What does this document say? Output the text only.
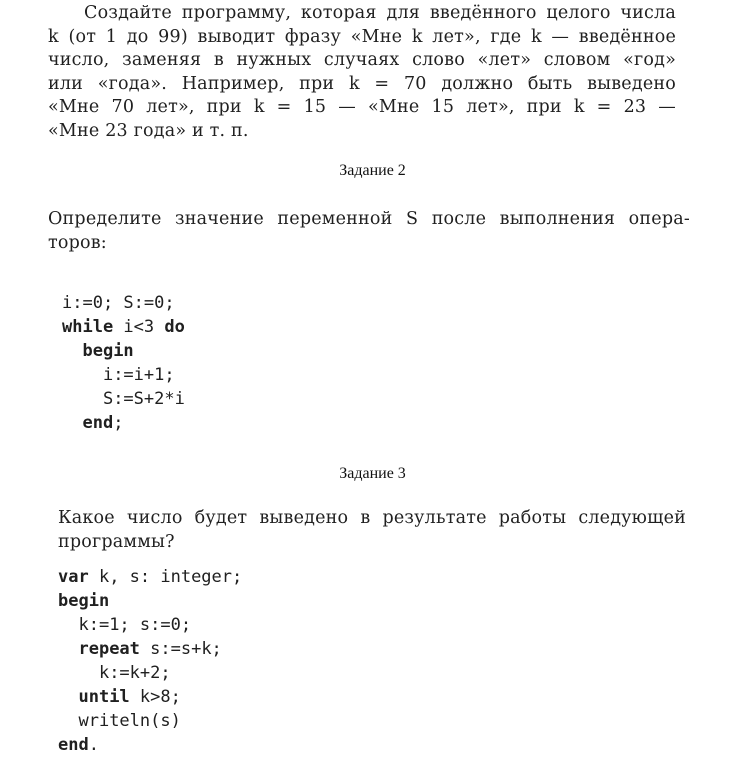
Создайте программу, которая для введённого целого числа
k (от 1 до 99) выводит фразу «Мне k лет», где k — введённое
число, заменяя в нужных случаях слово «лет» словом «год»
или «года». Например, при k = 70 должно быть выведено
«Мне 70 лет», при k = 15 — «Мне 15 лет», при k = 23 —
«Мне 23 года» и т. п.
Задание 2
Определите значение переменной S после выполнения опера-
торов:
i:=0; S:=0;
while i<3 do
begin
i:=i+1;
S:=S+2*i
end;
Задание 3
Какое число будет выведено в результате работы следующей
программы?
var k, s: integer;
begin
k:=1; s:=0;
repeat s:=s+k;
k:=k+2;
until k>8;
writeln(s)
end.
